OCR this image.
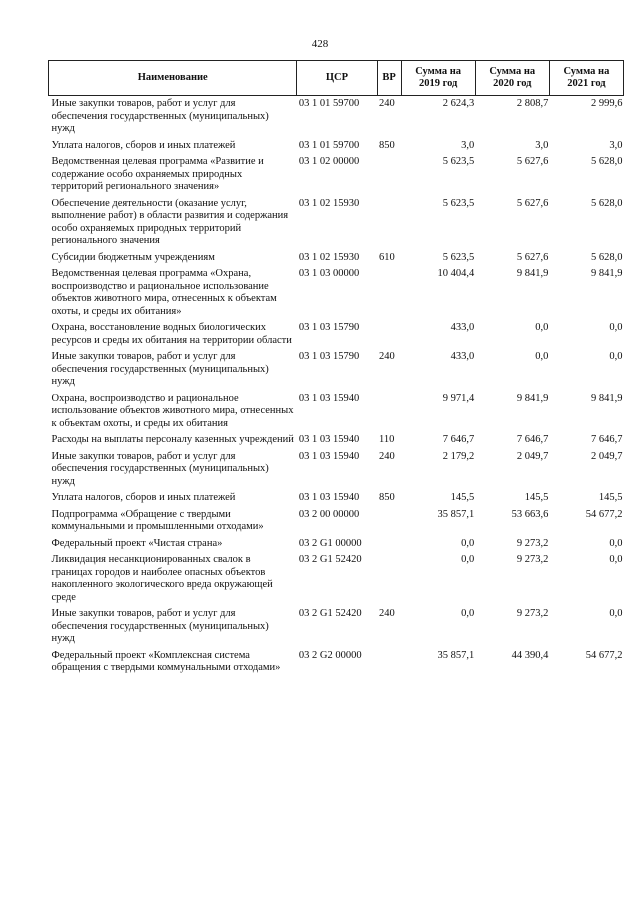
428
Наименование	ЦСР	ВР	Сумма на 2019 год	Сумма на 2020 год	Сумма на 2021 год
Иные закупки товаров, работ и услуг для обеспечения государственных (муниципальных) нужд	03 1 01 59700	240	2 624,3	2 808,7	2 999,6
Уплата налогов, сборов и иных платежей	03 1 01 59700	850	3,0	3,0	3,0
Ведомственная целевая программа «Развитие и содержание особо охраняемых природных территорий регионального значения»	03 1 02 00000		5 623,5	5 627,6	5 628,0
Обеспечение деятельности (оказание услуг, выполнение работ) в области развития и содержания особо охраняемых природных территорий регионального значения	03 1 02 15930		5 623,5	5 627,6	5 628,0
Субсидии бюджетным учреждениям	03 1 02 15930	610	5 623,5	5 627,6	5 628,0
Ведомственная целевая программа «Охрана, воспроизводство и рациональное использование объектов животного мира, отнесенных к объектам охоты, и среды их обитания»	03 1 03 00000		10 404,4	9 841,9	9 841,9
Охрана, восстановление водных биологических ресурсов и среды их обитания на территории области	03 1 03 15790		433,0	0,0	0,0
Иные закупки товаров, работ и услуг для обеспечения государственных (муниципальных) нужд	03 1 03 15790	240	433,0	0,0	0,0
Охрана, воспроизводство и рациональное использование объектов животного мира, отнесенных к объектам охоты, и среды их обитания	03 1 03 15940		9 971,4	9 841,9	9 841,9
Расходы на выплаты персоналу казенных учреждений	03 1 03 15940	110	7 646,7	7 646,7	7 646,7
Иные закупки товаров, работ и услуг для обеспечения государственных (муниципальных) нужд	03 1 03 15940	240	2 179,2	2 049,7	2 049,7
Уплата налогов, сборов и иных платежей	03 1 03 15940	850	145,5	145,5	145,5
Подпрограмма «Обращение с твердыми коммунальными и промышленными отходами»	03 2 00 00000		35 857,1	53 663,6	54 677,2
Федеральный проект «Чистая страна»	03 2 G1 00000		0,0	9 273,2	0,0
Ликвидация несанкционированных свалок в границах городов и наиболее опасных объектов накопленного экологического вреда окружающей среде	03 2 G1 52420		0,0	9 273,2	0,0
Иные закупки товаров, работ и услуг для обеспечения государственных (муниципальных) нужд	03 2 G1 52420	240	0,0	9 273,2	0,0
Федеральный проект «Комплексная система обращения с твердыми коммунальными отходами»	03 2 G2 00000		35 857,1	44 390,4	54 677,2
